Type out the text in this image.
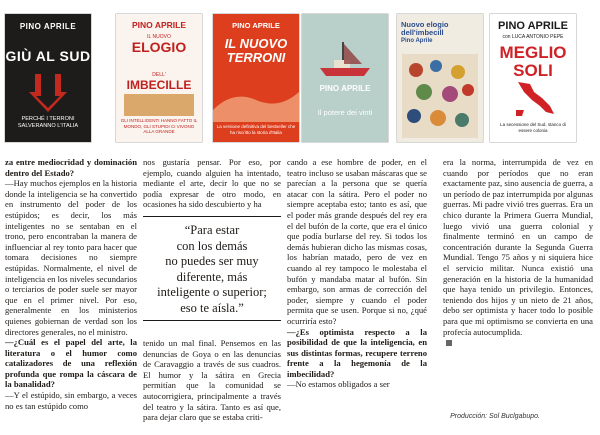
PINO APRILE
GIÙ AL SUD
PERCHÉ I TERRONI SALVERANNO L'ITALIA
PINO APRILE
IL NUOVO
ELOGIO
DELL'
IMBECILLE
GLI INTELLIGENTI HANNO FATTO IL MONDO, GLI STUPIDI CI VIVONO ALLA GRANDE
PINO APRILE
IL NUOVO
TERRONI
La versione definitiva del bestseller che ha riscritto la storia d'Italia
PINO APRILE
Il potere dei vinti
Nuovo elogio dell'imbecill
Pino Aprile
PINO APRILE
con LUCA ANTONIO PEPE
MEGLIO
SOLI
La secessione del Sud, stanco di essere colonia

za entre mediocridad y dominación dentro del Estado?

—Hay muchos ejemplos en la historia donde la inteligencia se ha convertido en instrumento del poder de los estúpidos; es decir, los más inteligentes no se sentaban en el trono, pero encontraban la manera de influenciar al rey tonto para hacer que tomara decisiones no siempre estúpidas. Normalmente, el nivel de inteligencia en los niveles secundarios o terciarios de poder suele ser mayor que en el primer nivel. Por eso, generalmente en los ministerios quienes gobiernan de verdad son los directores generales, no el ministro.

—¿Cuál es el papel del arte, la literatura o el humor como catalizadores de una reflexión profunda que rompa la cáscara de la banalidad?

—Y el estúpido, sin embargo, a veces no es tan estúpido como

nos gustaría pensar. Por eso, por ejemplo, cuando alguien ha intentado, mediante el arte, decir lo que no se podía expresar de otro modo, en ocasiones ha sido descubierto y ha

“Para estar
con los demás
no puedes ser muy
diferente, más
inteligente o superior;
eso te aísla.”

tenido un mal final. Pensemos en las denuncias de Goya o en las denuncias de Caravaggio a través de sus cuadros. El humor y la sátira en Grecia permitían que la comunidad se autocorrigiera, principalmente a través del teatro y la sátira. Tanto es así que, para dejar claro que se estaba criti-

cando a ese hombre de poder, en el teatro incluso se usaban máscaras que se parecían a la persona que se quería atacar con la sátira. Pero el poder no siempre aceptaba esto; tanto es así, que el poder más grande después del rey era el del bufón de la corte, que era el único que podía burlarse del rey. Si todos los demás hubieran dicho las mismas cosas, los habrían matado, pero de vez en cuando al rey tampoco le molestaba el bufón y mandaba matar al bufón. Sin embargo, son armas de corrección del poder, siempre y cuando el poder permita que se usen. Porque si no, ¿qué ocurriría esto?

—¿Es optimista respecto a la posibilidad de que la inteligencia, en sus distintas formas, recupere terreno frente a la hegemonía de la imbecilidad?

—No estamos obligados a ser

era la norma, interrumpida de vez en cuando por períodos que no eran exactamente paz, sino ausencia de guerra, a un período de paz interrumpida por algunas guerras. Mi padre vivió tres guerras. Era un chico durante la Primera Guerra Mundial, luego vivió una guerra colonial y finalmente terminó en un campo de concentración durante la Segunda Guerra Mundial. Tengo 75 años y ni siquiera hice el servicio militar. Nunca existió una generación en la historia de la humanidad que haya tenido un privilegio. Entonces, teniendo dos hijos y un nieto de 21 años, debo ser optimista y hacer todo lo posible para que mi optimismo se convierta en una profecía autocumplida.

Producción: Sol Buclgabupo.
